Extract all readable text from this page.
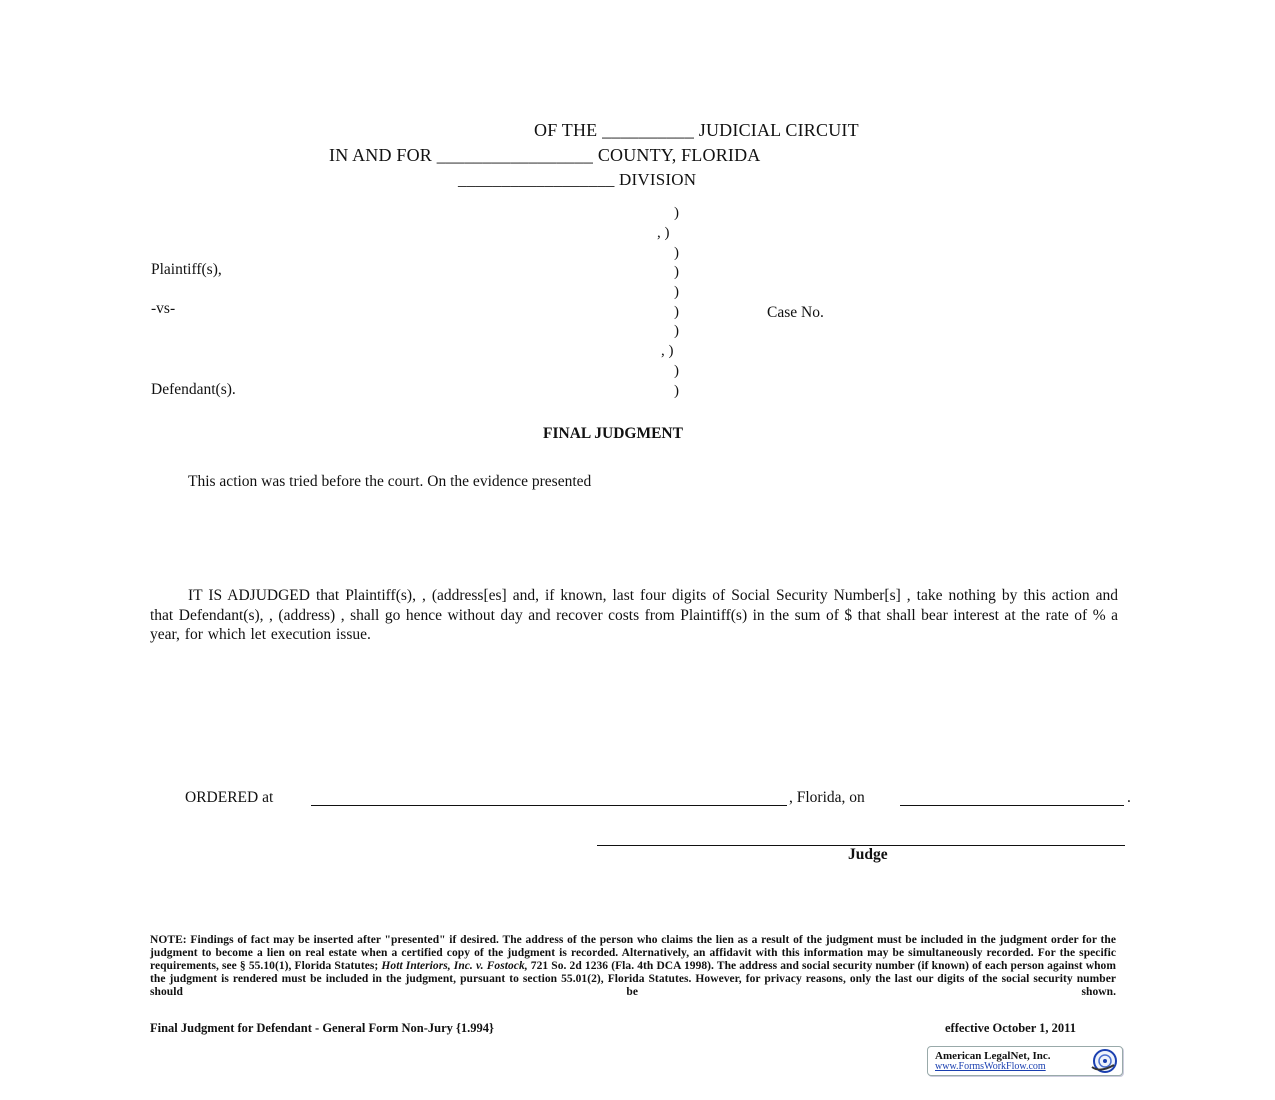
OF THE __________ JUDICIAL CIRCUIT
IN AND FOR _________________ COUNTY, FLORIDA
__________________ DIVISION
Plaintiff(s),
-vs-
Defendant(s).
Case No.
)
, )
)
)
)
)
)
, )
)
)
FINAL JUDGMENT
This action was tried before the court. On the evidence presented
IT IS ADJUDGED that Plaintiff(s), , (address[es] and, if known, last four digits of Social Security Number[s] , take nothing by this action and that Defendant(s), , (address) , shall go hence without day and recover costs from Plaintiff(s) in the sum of $ that shall bear interest at the rate of % a year, for which let execution issue.
ORDERED at	, Florida, on	.
Judge
NOTE: Findings of fact may be inserted after "presented" if desired. The address of the person who claims the lien as a result of the judgment must be included in the judgment order for the judgment to become a lien on real estate when a certified copy of the judgment is recorded. Alternatively, an affidavit with this information may be simultaneously recorded. For the specific requirements, see § 55.10(1), Florida Statutes; Hott Interiors, Inc. v. Fostock, 721 So. 2d 1236 (Fla. 4th DCA 1998). The address and social security number (if known) of each person against whom the judgment is rendered must be included in the judgment, pursuant to section 55.01(2), Florida Statutes. However, for privacy reasons, only the last our digits of the social security number should be shown.
Final Judgment for Defendant - General Form Non-Jury {1.994}	effective October 1, 2011
American LegalNet, Inc.
www.FormsWorkFlow.com
